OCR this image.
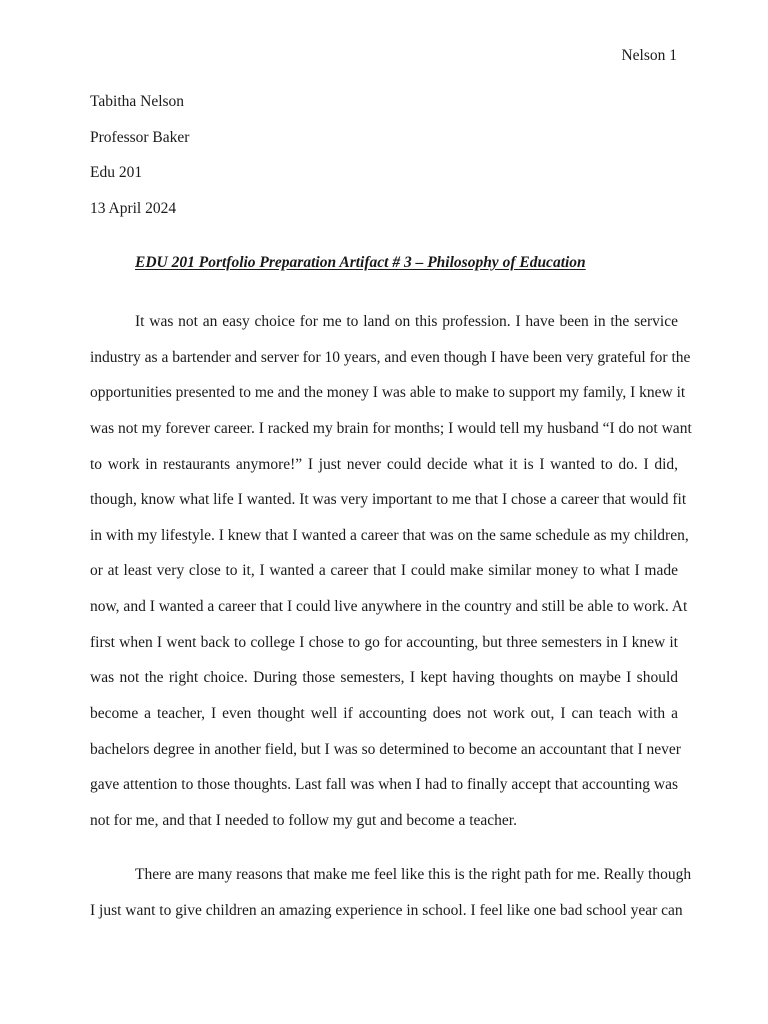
Nelson 1
Tabitha Nelson
Professor Baker
Edu 201
13 April 2024
EDU 201 Portfolio Preparation Artifact # 3 – Philosophy of Education

It was not an easy choice for me to land on this profession. I have been in the service
industry as a bartender and server for 10 years, and even though I have been very grateful for the
opportunities presented to me and the money I was able to make to support my family, I knew it
was not my forever career. I racked my brain for months; I would tell my husband “I do not want
to work in restaurants anymore!” I just never could decide what it is I wanted to do. I did,
though, know what life I wanted. It was very important to me that I chose a career that would fit
in with my lifestyle. I knew that I wanted a career that was on the same schedule as my children,
or at least very close to it, I wanted a career that I could make similar money to what I made
now, and I wanted a career that I could live anywhere in the country and still be able to work. At
first when I went back to college I chose to go for accounting, but three semesters in I knew it
was not the right choice. During those semesters, I kept having thoughts on maybe I should
become a teacher, I even thought well if accounting does not work out, I can teach with a
bachelors degree in another field, but I was so determined to become an accountant that I never
gave attention to those thoughts. Last fall was when I had to finally accept that accounting was
not for me, and that I needed to follow my gut and become a teacher.

There are many reasons that make me feel like this is the right path for me. Really though
I just want to give children an amazing experience in school. I feel like one bad school year can
